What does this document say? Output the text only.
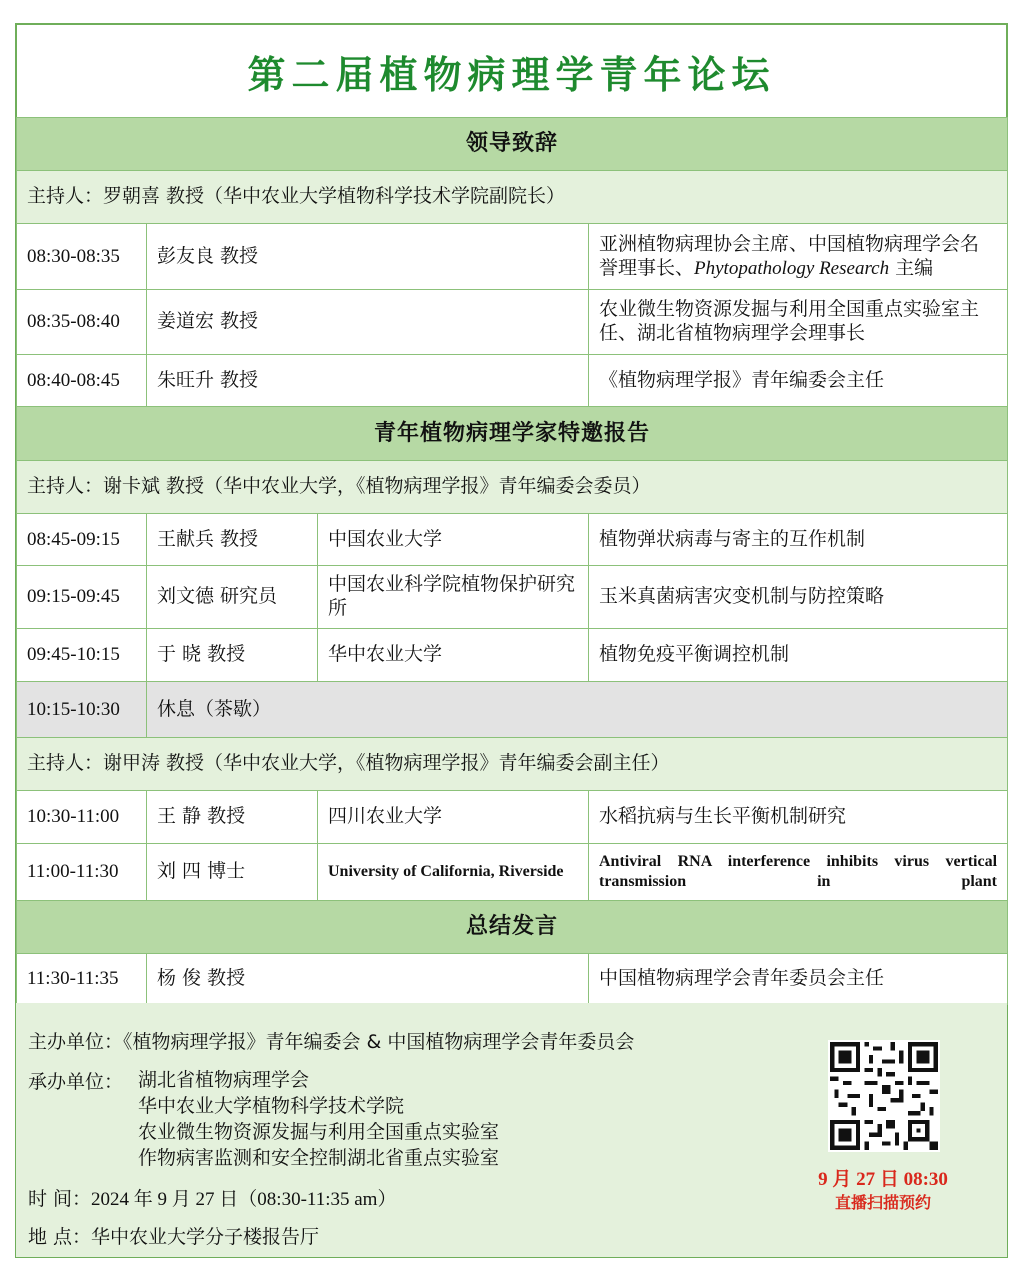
第二届植物病理学青年论坛
领导致辞			
主持人：罗朝喜 教授（华中农业大学植物科学技术学院副院长）			
08:30-08:35	彭友良 教授		亚洲植物病理协会主席、中国植物病理学会名誉理事长、Phytopathology Research 主编
08:35-08:40	姜道宏 教授		农业微生物资源发掘与利用全国重点实验室主任、湖北省植物病理学会理事长
08:40-08:45	朱旺升 教授		《植物病理学报》青年编委会主任
青年植物病理学家特邀报告			
主持人：谢卡斌 教授（华中农业大学，《植物病理学报》青年编委会委员）			
08:45-09:15	王献兵 教授	中国农业大学	植物弹状病毒与寄主的互作机制
09:15-09:45	刘文德 研究员	中国农业科学院植物保护研究所	玉米真菌病害灾变机制与防控策略
09:45-10:15	于 晓 教授	华中农业大学	植物免疫平衡调控机制
10:15-10:30	休息（茶歇）		
主持人：谢甲涛 教授（华中农业大学，《植物病理学报》青年编委会副主任）			
10:30-11:00	王 静 教授	四川农业大学	水稻抗病与生长平衡机制研究
11:00-11:30	刘 四 博士	University of California, Riverside	Antiviral RNA interference inhibits virus vertical transmission in plant
总结发言			
11:30-11:35	杨 俊 教授		中国植物病理学会青年委员会主任
主办单位：《植物病理学报》青年编委会 & 中国植物病理学会青年委员会
承办单位： 湖北省植物病理学会
华中农业大学植物科学技术学院
农业微生物资源发掘与利用全国重点实验室
作物病害监测和安全控制湖北省重点实验室
时 间：2024 年 9 月 27 日（08:30-11:35 am）
地 点：华中农业大学分子楼报告厅
9 月 27 日 08:30
直播扫描预约
